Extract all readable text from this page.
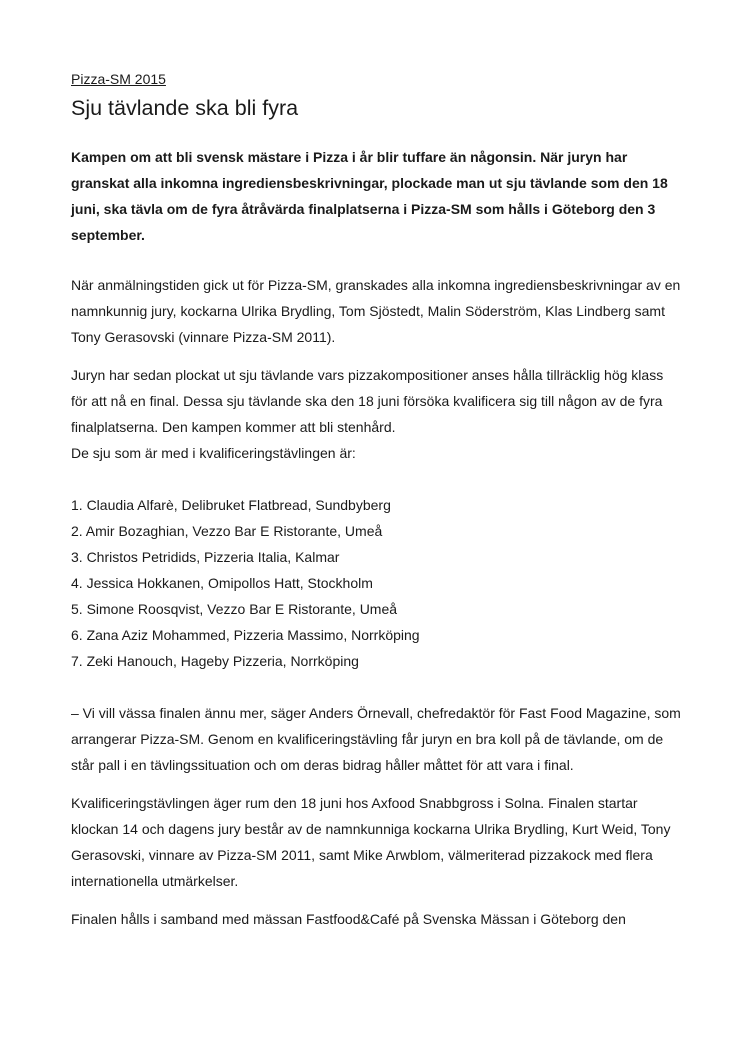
Pizza-SM 2015

Sju tävlande ska bli fyra

Kampen om att bli svensk mästare i Pizza i år blir tuffare än någonsin. När juryn har granskat alla inkomna ingrediensbeskrivningar, plockade man ut sju tävlande som den 18 juni, ska tävla om de fyra åtråvärda finalplatserna i Pizza-SM som hålls i Göteborg den 3 september.

När anmälningstiden gick ut för Pizza-SM, granskades alla inkomna ingrediensbeskrivningar av en namnkunnig jury, kockarna Ulrika Brydling, Tom Sjöstedt, Malin Söderström, Klas Lindberg samt Tony Gerasovski (vinnare Pizza-SM 2011).

Juryn har sedan plockat ut sju tävlande vars pizzakompositioner anses hålla tillräcklig hög klass för att nå en final. Dessa sju tävlande ska den 18 juni försöka kvalificera sig till någon av de fyra finalplatserna. Den kampen kommer att bli stenhård.

De sju som är med i kvalificeringstävlingen är:

1. Claudia Alfarè, Delibruket Flatbread, Sundbyberg
2. Amir Bozaghian, Vezzo Bar E Ristorante, Umeå
3. Christos Petridids, Pizzeria Italia, Kalmar
4. Jessica Hokkanen, Omipollos Hatt, Stockholm
5. Simone Roosqvist, Vezzo Bar E Ristorante, Umeå
6. Zana Aziz Mohammed, Pizzeria Massimo, Norrköping
7. Zeki Hanouch, Hageby Pizzeria, Norrköping

– Vi vill vässa finalen ännu mer, säger Anders Örnevall, chefredaktör för Fast Food Magazine, som arrangerar Pizza-SM. Genom en kvalificeringstävling får juryn en bra koll på de tävlande, om de står pall i en tävlingssituation och om deras bidrag håller måttet för att vara i final.

Kvalificeringstävlingen äger rum den 18 juni hos Axfood Snabbgross i Solna. Finalen startar klockan 14 och dagens jury består av de namnkunniga kockarna Ulrika Brydling, Kurt Weid, Tony Gerasovski, vinnare av Pizza-SM 2011, samt Mike Arwblom, välmeriterad pizzakock med flera internationella utmärkelser.

Finalen hålls i samband med mässan Fastfood&Café på Svenska Mässan i Göteborg den
